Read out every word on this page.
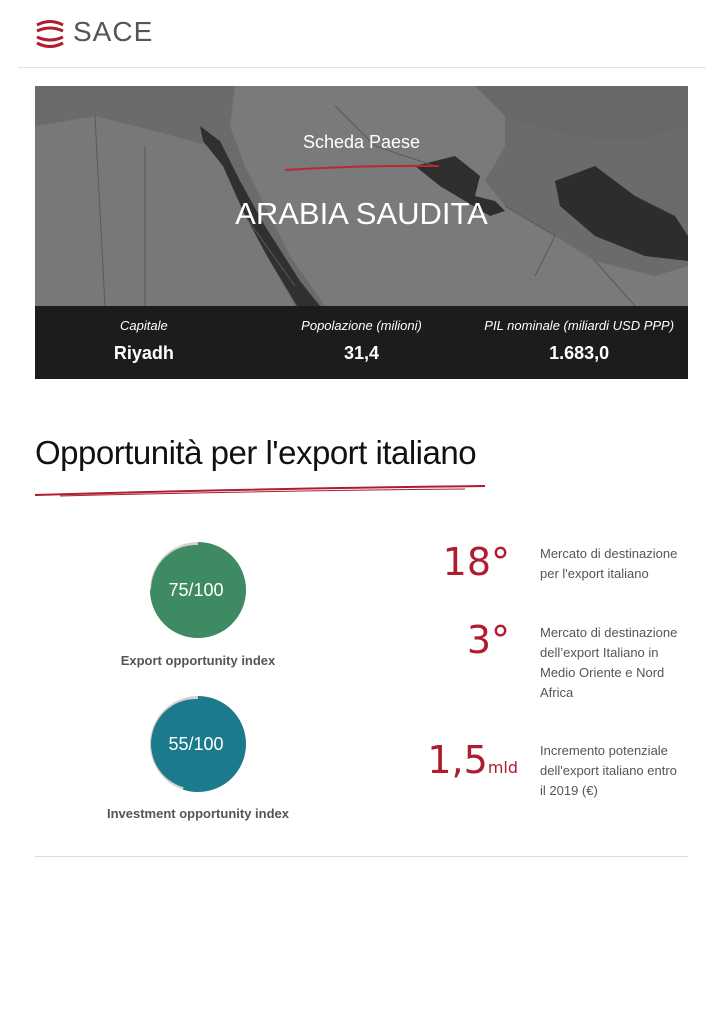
SACE
Scheda Paese
ARABIA SAUDITA
Capitale
Riyadh
Popolazione (milioni)
31,4
PIL nominale (miliardi USD PPP)
1.683,0
Opportunità per l'export italiano
75/100
Export opportunity index
55/100
Investment opportunity index
18° Mercato di destinazione per l'export italiano
3° Mercato di destinazione dell’export Italiano in Medio Oriente e Nord Africa
1,5mld
Incremento potenziale dell'export italiano entro il 2019 (€)
